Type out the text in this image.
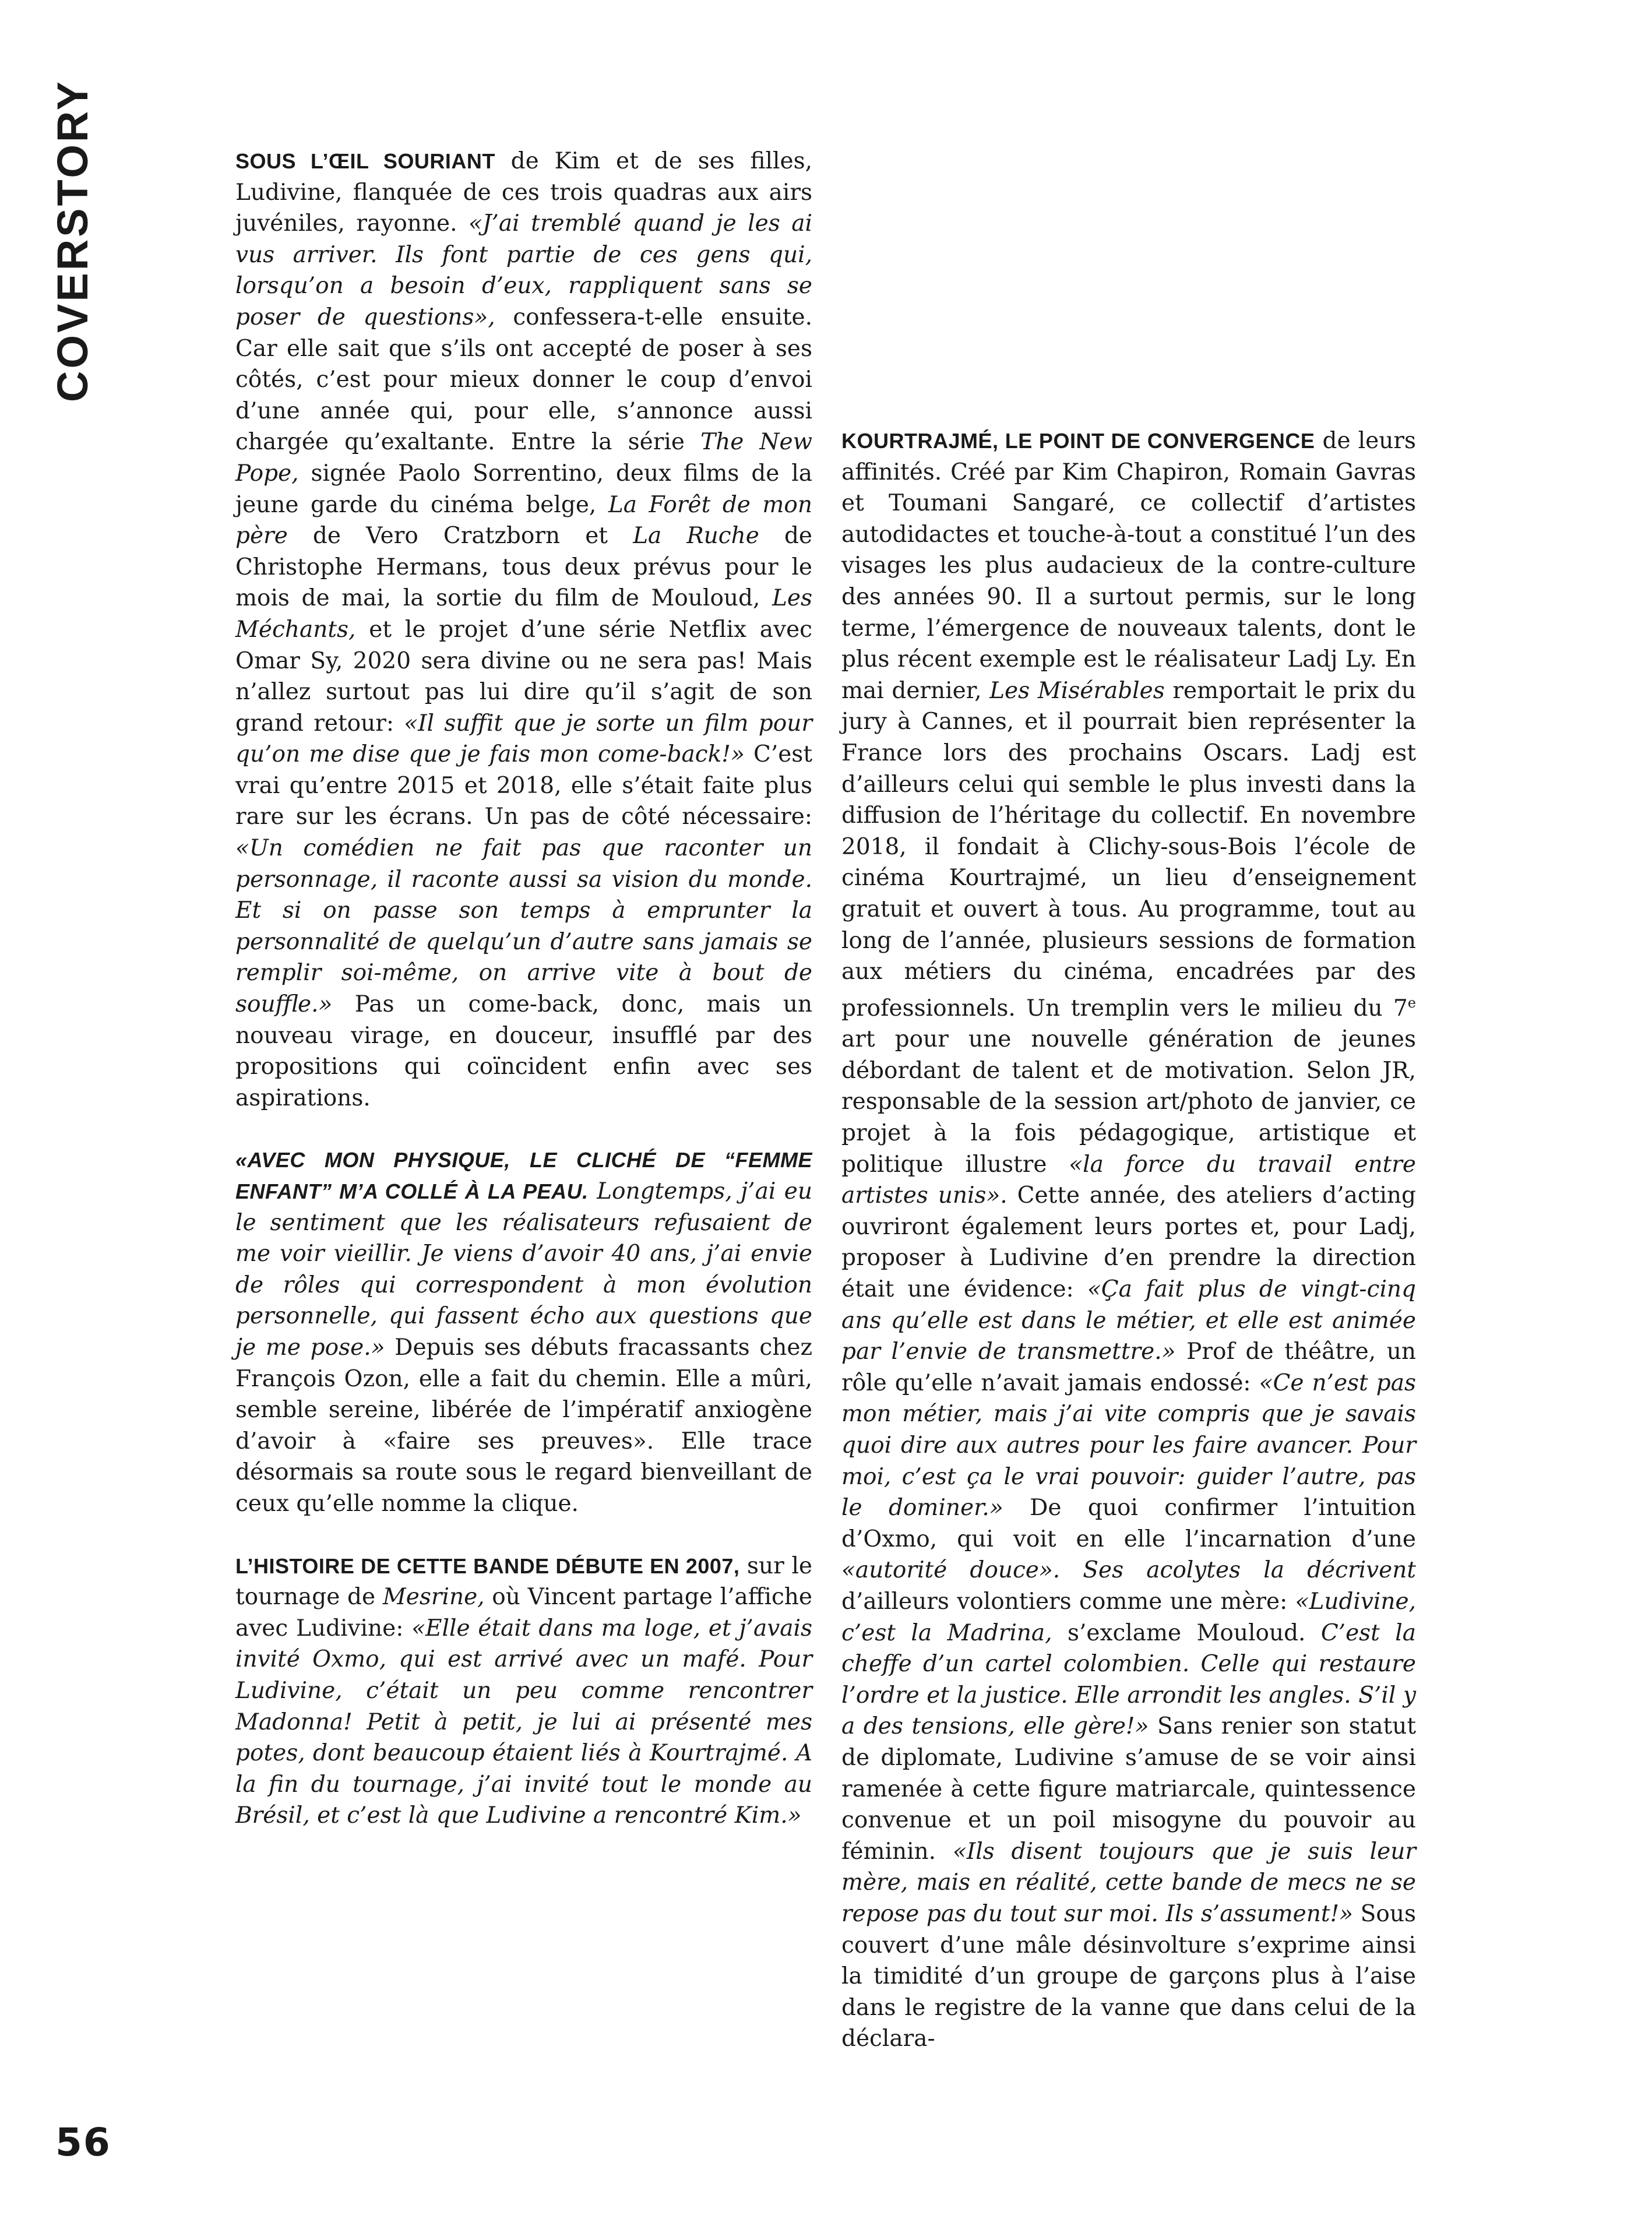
COVERSTORY	SOUS L’ŒIL SOURIANT de Kim et de ses filles, Ludivine, flanquée de ces trois quadras aux airs juvéniles, rayonne. «J’ai tremblé quand je les ai vus arriver. Ils font partie de ces gens qui, lorsqu’on a besoin d’eux, rappliquent sans se poser de questions», confessera-t-elle ensuite. Car elle sait que s’ils ont accepté de poser à ses côtés, c’est pour mieux donner le coup d’envoi d’une année qui, pour elle, s’annonce aussi chargée qu’exaltante. Entre la série The New Pope, signée Paolo Sorrentino, deux films de la jeune garde du cinéma belge, La Forêt de mon père de Vero Cratzborn et La Ruche de Christophe Hermans, tous deux prévus pour le mois de mai, la sortie du film de Mouloud, Les Méchants, et le projet d’une série Netflix avec Omar Sy, 2020 sera divine ou ne sera pas! Mais n’allez surtout pas lui dire qu’il s’agit de son grand retour: «Il suffit que je sorte un film pour qu’on me dise que je fais mon come-back!» C’est vrai qu’entre 2015 et 2018, elle s’était faite plus rare sur les écrans. Un pas de côté nécessaire: «Un comédien ne fait pas que raconter un personnage, il raconte aussi sa vision du monde. Et si on passe son temps à emprunter la personnalité de quelqu’un d’autre sans jamais se remplir soi-même, on arrive vite à bout de souffle.» Pas un come-back, donc, mais un nouveau virage, en douceur, insufflé par des propositions qui coïncident enfin avec ses aspirations.

«AVEC MON PHYSIQUE, LE CLICHÉ DE “FEMME ENFANT” M’A COLLÉ À LA PEAU. Longtemps, j’ai eu le sentiment que les réalisateurs refusaient de me voir vieillir. Je viens d’avoir 40 ans, j’ai envie de rôles qui correspondent à mon évolution personnelle, qui fassent écho aux questions que je me pose.» Depuis ses débuts fracassants chez François Ozon, elle a fait du chemin. Elle a mûri, semble sereine, libérée de l’impératif anxiogène d’avoir à «faire ses preuves». Elle trace désormais sa route sous le regard bienveillant de ceux qu’elle nomme la clique.

L’HISTOIRE DE CETTE BANDE DÉBUTE EN 2007, sur le tournage de Mesrine, où Vincent partage l’affiche avec Ludivine: «Elle était dans ma loge, et j’avais invité Oxmo, qui est arrivé avec un mafé. Pour Ludivine, c’était un peu comme rencontrer Madonna! Petit à petit, je lui ai présenté mes potes, dont beaucoup étaient liés à Kourtrajmé. A la fin du tournage, j’ai invité tout le monde au Brésil, et c’est là que Ludivine a rencontré Kim.»

KOURTRAJMÉ, LE POINT DE CONVERGENCE de leurs affinités. Créé par Kim Chapiron, Romain Gavras et Toumani Sangaré, ce collectif d’artistes autodidactes et touche-à-tout a constitué l’un des visages les plus audacieux de la contre-culture des années 90. Il a surtout permis, sur le long terme, l’émergence de nouveaux talents, dont le plus récent exemple est le réalisateur Ladj Ly. En mai dernier, Les Misérables remportait le prix du jury à Cannes, et il pourrait bien représenter la France lors des prochains Oscars. Ladj est d’ailleurs celui qui semble le plus investi dans la diffusion de l’héritage du collectif. En novembre 2018, il fondait à Clichy-sous-Bois l’école de cinéma Kourtrajmé, un lieu d’enseignement gratuit et ouvert à tous. Au programme, tout au long de l’année, plusieurs sessions de formation aux métiers du cinéma, encadrées par des professionnels. Un tremplin vers le milieu du 7e art pour une nouvelle génération de jeunes débordant de talent et de motivation. Selon JR, responsable de la session art/photo de janvier, ce projet à la fois pédagogique, artistique et politique illustre «la force du travail entre artistes unis». Cette année, des ateliers d’acting ouvriront également leurs portes et, pour Ladj, proposer à Ludivine d’en prendre la direction était une évidence: «Ça fait plus de vingt-cinq ans qu’elle est dans le métier, et elle est animée par l’envie de transmettre.» Prof de théâtre, un rôle qu’elle n’avait jamais endossé: «Ce n’est pas mon métier, mais j’ai vite compris que je savais quoi dire aux autres pour les faire avancer. Pour moi, c’est ça le vrai pouvoir: guider l’autre, pas le dominer.» De quoi confirmer l’intuition d’Oxmo, qui voit en elle l’incarnation d’une «autorité douce». Ses acolytes la décrivent d’ailleurs volontiers comme une mère: «Ludivine, c’est la Madrina, s’exclame Mouloud. C’est la cheffe d’un cartel colombien. Celle qui restaure l’ordre et la justice. Elle arrondit les angles. S’il y a des tensions, elle gère!» Sans renier son statut de diplomate, Ludivine s’amuse de se voir ainsi ramenée à cette figure matriarcale, quintessence convenue et un poil misogyne du pouvoir au féminin. «Ils disent toujours que je suis leur mère, mais en réalité, cette bande de mecs ne se repose pas du tout sur moi. Ils s’assument!» Sous couvert d’une mâle désinvolture s’exprime ainsi la timidité d’un groupe de garçons plus à l’aise dans le registre de la vanne que dans celui de la déclara-

56
